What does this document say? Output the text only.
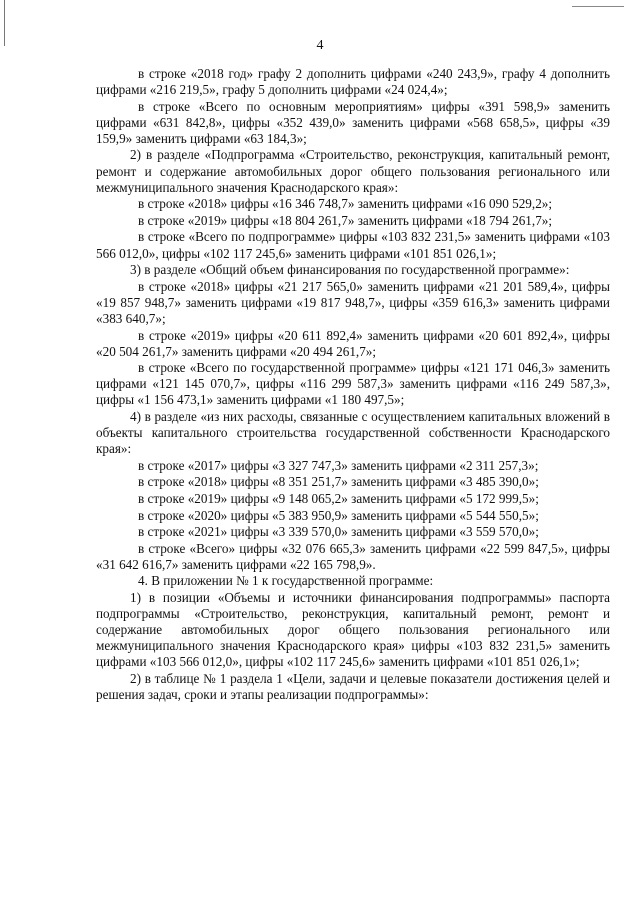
4

в строке «2018 год» графу 2 дополнить цифрами «240 243,9», графу 4 дополнить цифрами «216 219,5», графу 5 дополнить цифрами «24 024,4»;

в строке «Всего по основным мероприятиям» цифры «391 598,9» заменить цифрами «631 842,8», цифры «352 439,0» заменить цифрами «568 658,5», цифры «39 159,9» заменить цифрами «63 184,3»;

2) в разделе «Подпрограмма «Строительство, реконструкция, капитальный ремонт, ремонт и содержание автомобильных дорог общего пользования регионального или межмуниципального значения Краснодарского края»:

в строке «2018» цифры «16 346 748,7» заменить цифрами «16 090 529,2»;

в строке «2019» цифры «18 804 261,7» заменить цифрами «18 794 261,7»;

в строке «Всего по подпрограмме» цифры «103 832 231,5» заменить цифрами «103 566 012,0», цифры «102 117 245,6» заменить цифрами «101 851 026,1»;

3) в разделе «Общий объем финансирования по государственной программе»:

в строке «2018» цифры «21 217 565,0» заменить цифрами «21 201 589,4», цифры «19 857 948,7» заменить цифрами «19 817 948,7», цифры «359 616,3» заменить цифрами «383 640,7»;

в строке «2019» цифры «20 611 892,4» заменить цифрами «20 601 892,4», цифры «20 504 261,7» заменить цифрами «20 494 261,7»;

в строке «Всего по государственной программе» цифры «121 171 046,3» заменить цифрами «121 145 070,7», цифры «116 299 587,3» заменить цифрами «116 249 587,3», цифры «1 156 473,1» заменить цифрами «1 180 497,5»;

4) в разделе «из них расходы, связанные с осуществлением капитальных вложений в объекты капитального строительства государственной собственности Краснодарского края»:

в строке «2017» цифры «3 327 747,3» заменить цифрами «2 311 257,3»;

в строке «2018» цифры «8 351 251,7» заменить цифрами «3 485 390,0»;

в строке «2019» цифры «9 148 065,2» заменить цифрами «5 172 999,5»;

в строке «2020» цифры «5 383 950,9» заменить цифрами «5 544 550,5»;

в строке «2021» цифры «3 339 570,0» заменить цифрами «3 559 570,0»;

в строке «Всего» цифры «32 076 665,3» заменить цифрами «22 599 847,5», цифры «31 642 616,7» заменить цифрами «22 165 798,9».

4. В приложении № 1 к государственной программе:

1) в позиции «Объемы и источники финансирования подпрограммы» паспорта подпрограммы «Строительство, реконструкция, капитальный ремонт, ремонт и содержание автомобильных дорог общего пользования регионального или межмуниципального значения Краснодарского края» цифры «103 832 231,5» заменить цифрами «103 566 012,0», цифры «102 117 245,6» заменить цифрами «101 851 026,1»;

2) в таблице № 1 раздела 1 «Цели, задачи и целевые показатели достижения целей и решения задач, сроки и этапы реализации подпрограммы»:
